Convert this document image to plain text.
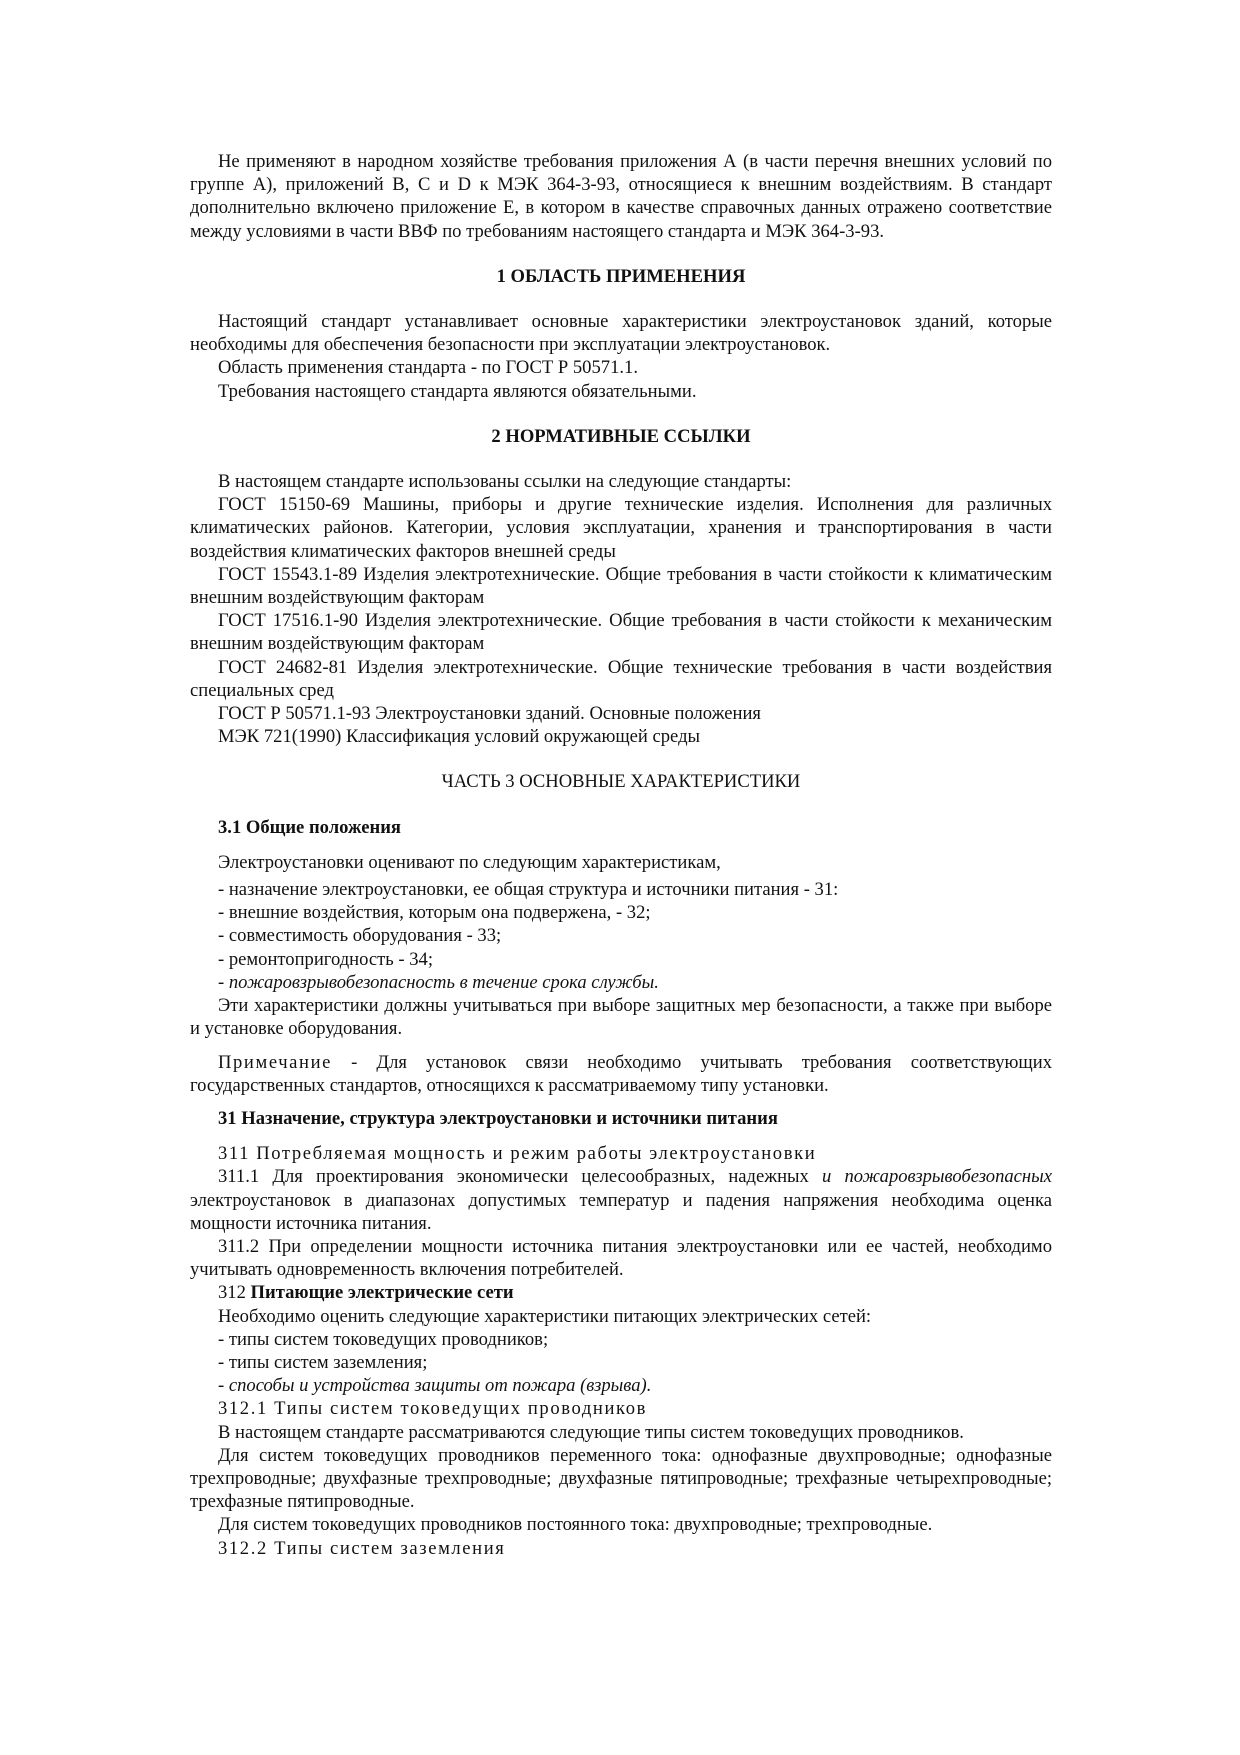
Не применяют в народном хозяйстве требования приложения А (в части перечня внешних условий по группе А), приложений В, С и D к МЭК 364-3-93, относящиеся к внешним воздействиям. В стандарт дополнительно включено приложение Е, в котором в качестве справочных данных отражено соответствие между условиями в части ВВФ по требованиям настоящего стандарта и МЭК 364-3-93.

1 ОБЛАСТЬ ПРИМЕНЕНИЯ

Настоящий стандарт устанавливает основные характеристики электроустановок зданий, которые необходимы для обеспечения безопасности при эксплуатации электроустановок.

Область применения стандарта - по ГОСТ Р 50571.1.

Требования настоящего стандарта являются обязательными.

2 НОРМАТИВНЫЕ ССЫЛКИ

В настоящем стандарте использованы ссылки на следующие стандарты:

ГОСТ 15150-69 Машины, приборы и другие технические изделия. Исполнения для различных климатических районов. Категории, условия эксплуатации, хранения и транспортирования в части воздействия климатических факторов внешней среды

ГОСТ 15543.1-89 Изделия электротехнические. Общие требования в части стойкости к климатическим внешним воздействующим факторам

ГОСТ 17516.1-90 Изделия электротехнические. Общие требования в части стойкости к механическим внешним воздействующим факторам

ГОСТ 24682-81 Изделия электротехнические. Общие технические требования в части воздействия специальных сред

ГОСТ Р 50571.1-93 Электроустановки зданий. Основные положения

МЭК 721(1990) Классификация условий окружающей среды

ЧАСТЬ 3 ОСНОВНЫЕ ХАРАКТЕРИСТИКИ

3.1 Общие положения

Электроустановки оценивают по следующим характеристикам,

- назначение электроустановки, ее общая структура и источники питания - 31:

- внешние воздействия, которым она подвержена, - 32;

- совместимость оборудования - 33;

- ремонтопригодность - 34;

- пожаровзрывобезопасность в течение срока службы.

Эти характеристики должны учитываться при выборе защитных мер безопасности, а также при выборе и установке оборудования.

Примечание - Для установок связи необходимо учитывать требования соответствующих государственных стандартов, относящихся к рассматриваемому типу установки.

31 Назначение, структура электроустановки и источники питания

311 Потребляемая мощность и режим работы электроустановки

311.1 Для проектирования экономически целесообразных, надежных и пожаровзрывобезопасных электроустановок в диапазонах допустимых температур и падения напряжения необходима оценка мощности источника питания.

311.2 При определении мощности источника питания электроустановки или ее частей, необходимо учитывать одновременность включения потребителей.

312 Питающие электрические сети

Необходимо оценить следующие характеристики питающих электрических сетей:

- типы систем токоведущих проводников;

- типы систем заземления;

- способы и устройства защиты от пожара (взрыва).

312.1 Типы систем токоведущих проводников

В настоящем стандарте рассматриваются следующие типы систем токоведущих проводников.

Для систем токоведущих проводников переменного тока: однофазные двухпроводные; однофазные трехпроводные; двухфазные трехпроводные; двухфазные пятипроводные; трехфазные четырехпроводные; трехфазные пятипроводные.

Для систем токоведущих проводников постоянного тока: двухпроводные; трехпроводные.

312.2 Типы систем заземления
